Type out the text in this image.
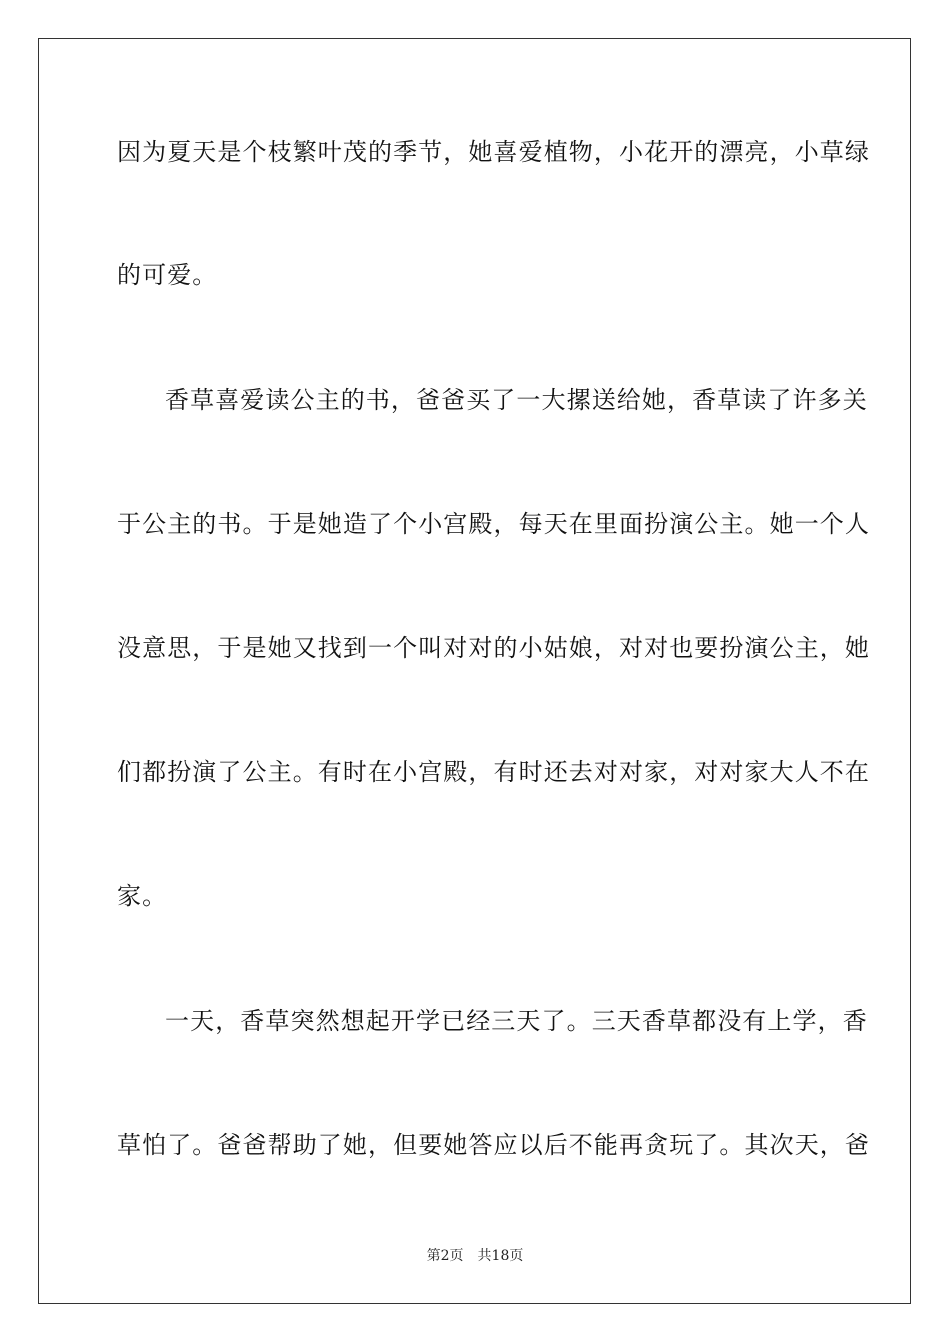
因为夏天是个枝繁叶茂的季节，她喜爱植物，小花开的漂亮，小草绿
的可爱。
香草喜爱读公主的书，爸爸买了一大摞送给她，香草读了许多关
于公主的书。于是她造了个小宫殿，每天在里面扮演公主。她一个人
没意思，于是她又找到一个叫对对的小姑娘，对对也要扮演公主，她
们都扮演了公主。有时在小宫殿，有时还去对对家，对对家大人不在
家。
一天，香草突然想起开学已经三天了。三天香草都没有上学，香
草怕了。爸爸帮助了她，但要她答应以后不能再贪玩了。其次天，爸
第2页　共18页
